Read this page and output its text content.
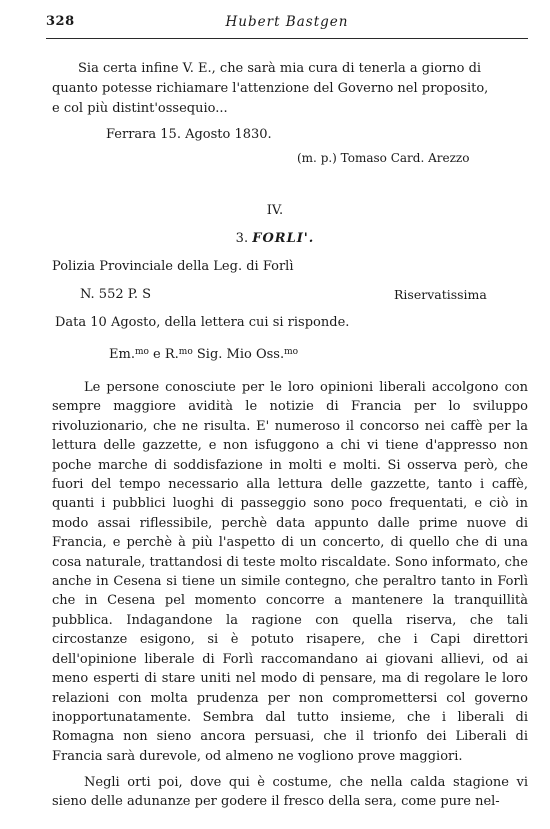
328	Hubert Bastgen
Sia certa infine V. E., che sarà mia cura di tenerla a giorno di
quanto potesse richiamare l'attenzione del Governo nel proposito,
e col più distint'ossequio...
Ferrara 15. Agosto 1830.
(m. p.) Tomaso Card. Arezzo
IV.
3. FORLI'.
Polizia Provinciale della Leg. di Forlì
N. 552 P. S	Riservatissima
Data 10 Agosto, della lettera cui si risponde.
Em.$^{mo}$ e R.$^{mo}$ Sig. Mio Oss.$^{mo}$
Le persone conosciute per le loro opinioni liberali accolgono con sempre maggiore avidità le notizie di Francia per lo sviluppo rivoluzionario, che ne risulta. E' numeroso il concorso nei caffè per la lettura delle gazzette, e non isfuggono a chi vi tiene d'appresso non poche marche di soddisfazione in molti e molti. Si osserva però, che fuori del tempo necessario alla lettura delle gazzette, tanto i caffè, quanti i pubblici luoghi di passeggio sono poco frequentati, e ciò in modo assai riflessibile, perchè data appunto dalle prime nuove di Francia, e perchè à più l'aspetto di un concerto, di quello che di una cosa naturale, trattandosi di teste molto riscaldate. Sono informato, che anche in Cesena si tiene un simile contegno, che peraltro tanto in Forlì che in Cesena pel momento concorre a mantenere la tranquillità pubblica. Indagandone la ragione con quella riserva, che tali circostanze esigono, si è potuto risapere, che i Capi direttori dell'opinione liberale di Forlì raccomandano ai giovani allievi, od ai meno esperti di stare uniti nel modo di pensare, ma di regolare le loro relazioni con molta prudenza per non compromettersi col governo inopportunatamente. Sembra dal tutto insieme, che i liberali di Romagna non sieno ancora persuasi, che il trionfo dei Liberali di Francia sarà durevole, od almeno ne vogliono prove maggiori.
Negli orti poi, dove qui è costume, che nella calda stagione vi sieno delle adunanze per godere il fresco della sera, come pure nel-
